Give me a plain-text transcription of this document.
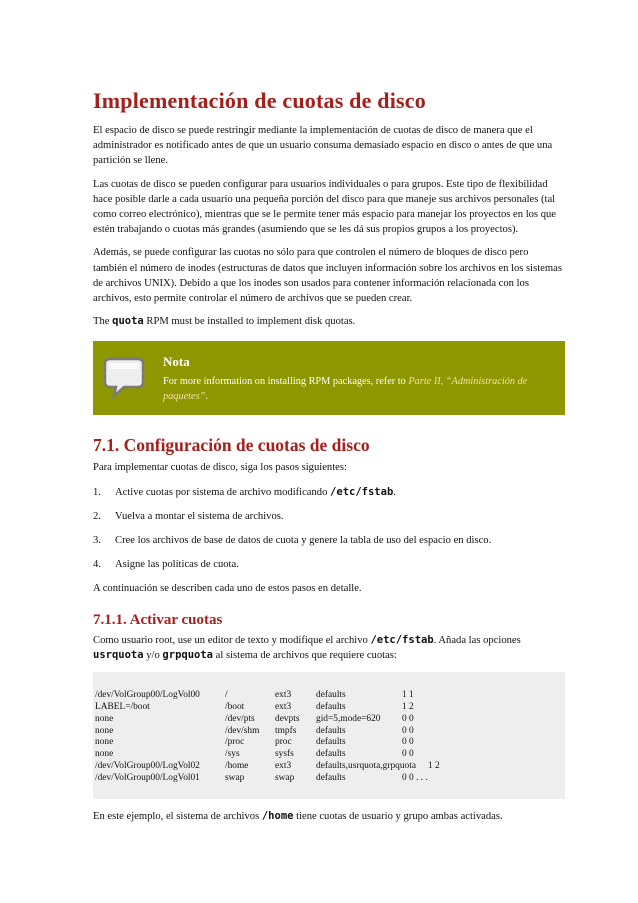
Implementación de cuotas de disco

El espacio de disco se puede restringir mediante la implementación de cuotas de disco de manera que el administrador es notificado antes de que un usuario consuma demasiado espacio en disco o antes de que una partición se llene.

Las cuotas de disco se pueden configurar para usuarios individuales o para grupos. Este tipo de flexibilidad hace posible darle a cada usuario una pequeña porción del disco para que maneje sus archivos personales (tal como correo electrónico), mientras que se le permite tener más espacio para manejar los proyectos en los que estén trabajando o cuotas más grandes (asumiendo que se les dá sus propios grupos a los proyectos).

Además, se puede configurar las cuotas no sólo para que controlen el número de bloques de disco pero también el número de inodes (estructuras de datos que incluyen información sobre los archivos en los sistemas de archivos UNIX). Debido a que los inodes son usados para contener información relacionada con los archivos, esto permite controlar el número de archivos que se pueden crear.

The quota RPM must be installed to implement disk quotas.

Nota
For more information on installing RPM packages, refer to Parte II, “Administración de paquetes”.
7.1. Configuración de cuotas de disco

Para implementar cuotas de disco, siga los pasos siguientes:

1.	Active cuotas por sistema de archivo modificando /etc/fstab.
2.	Vuelva a montar el sistema de archivos.
3.	Cree los archivos de base de datos de cuota y genere la tabla de uso del espacio en disco.
4.	Asigne las políticas de cuota.

A continuación se describen cada uno de estos pasos en detalle.

7.1.1. Activar cuotas

Como usuario root, use un editor de texto y modifique el archivo /etc/fstab. Añada las opciones usrquota y/o grpquota al sistema de archivos que requiere cuotas:

/dev/VolGroup00/LogVol00	/	ext3	defaults	1 1
LABEL=/boot	/boot	ext3	defaults	1 2
none	/dev/pts	devpts	gid=5,mode=620	0 0
none	/dev/shm	tmpfs	defaults	0 0
none	/proc	proc	defaults	0 0
none	/sys	sysfs	defaults	0 0
/dev/VolGroup00/LogVol02	/home	ext3	defaults,usrquota,grpquota	1 2
/dev/VolGroup00/LogVol01	swap	swap	defaults	0 0 . . .

En este ejemplo, el sistema de archivos /home tiene cuotas de usuario y grupo ambas activadas.
